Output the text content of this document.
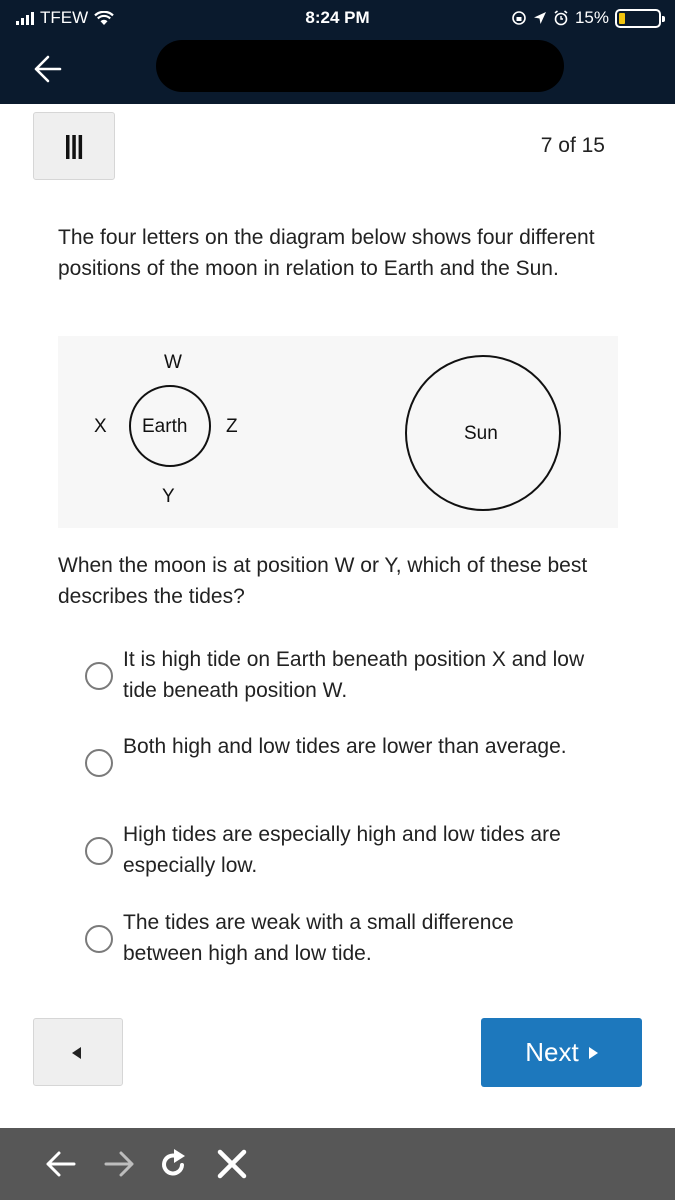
TFEW	8:24 PM	15%
7 of 15
The four letters on the diagram below shows four different positions of the moon in relation to Earth and the Sun.
W
X Earth Z
Y
Sun
When the moon is at position W or Y, which of these best describes the tides?
It is high tide on Earth beneath position X and low tide beneath position W.
Both high and low tides are lower than average.
High tides are especially high and low tides are especially low.
The tides are weak with a small difference between high and low tide.
Next
